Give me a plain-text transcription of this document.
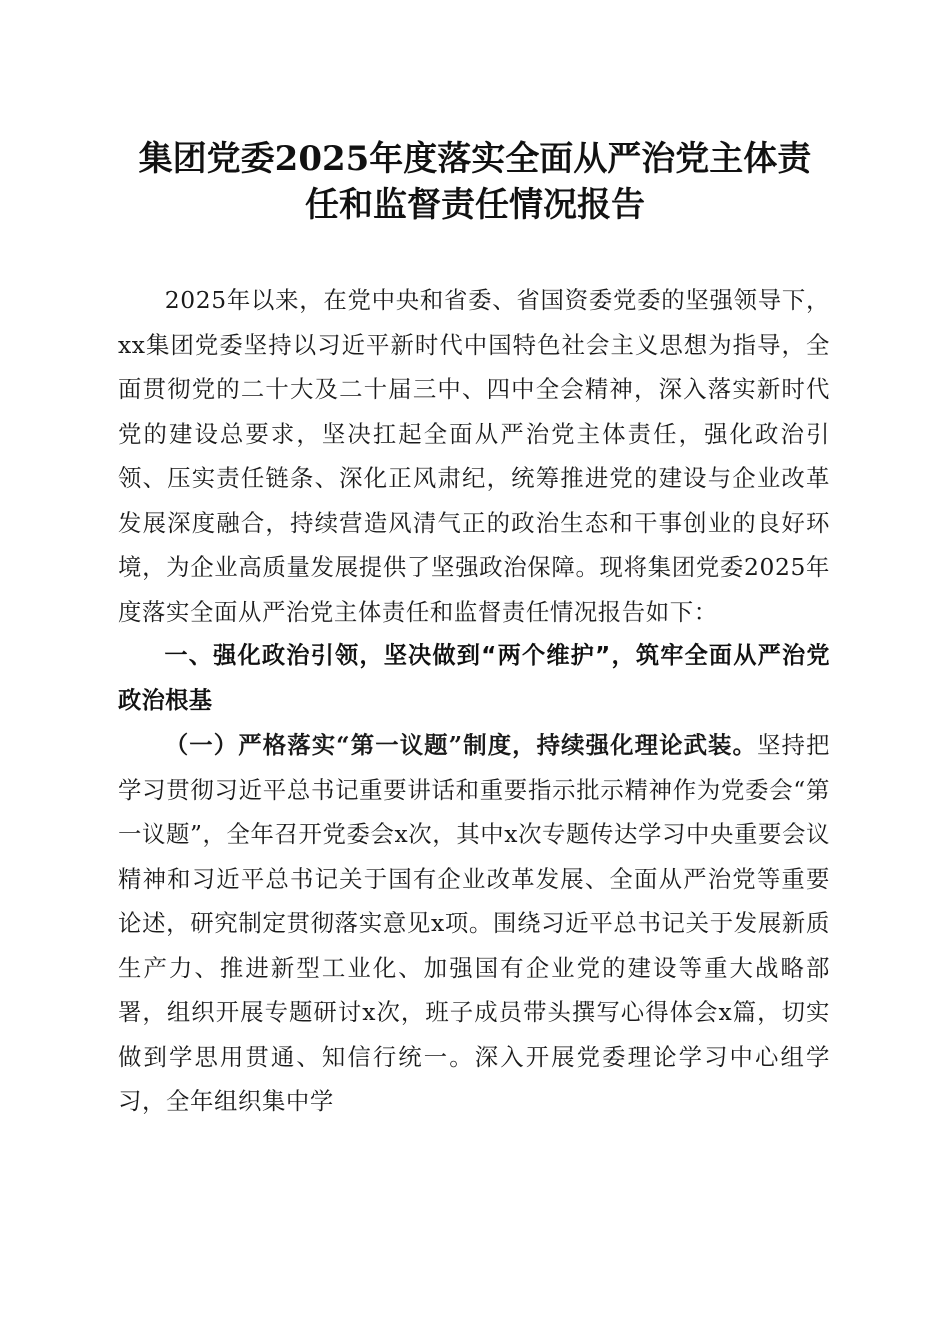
集团党委2025年度落实全面从严治党主体责
任和监督责任情况报告

2025年以来，在党中央和省委、省国资委党委的坚强领导下，xx集团党委坚持以习近平新时代中国特色社会主义思想为指导，全面贯彻党的二十大及二十届三中、四中全会精神，深入落实新时代党的建设总要求，坚决扛起全面从严治党主体责任，强化政治引领、压实责任链条、深化正风肃纪，统筹推进党的建设与企业改革发展深度融合，持续营造风清气正的政治生态和干事创业的良好环境，为企业高质量发展提供了坚强政治保障。现将集团党委2025年度落实全面从严治党主体责任和监督责任情况报告如下：

一、强化政治引领，坚决做到“两个维护”，筑牢全面从严治党政治根基

（一）严格落实“第一议题”制度，持续强化理论武装。坚持把学习贯彻习近平总书记重要讲话和重要指示批示精神作为党委会“第一议题”，全年召开党委会x次，其中x次专题传达学习中央重要会议精神和习近平总书记关于国有企业改革发展、全面从严治党等重要论述，研究制定贯彻落实意见x项。围绕习近平总书记关于发展新质生产力、推进新型工业化、加强国有企业党的建设等重大战略部署，组织开展专题研讨x次，班子成员带头撰写心得体会x篇，切实做到学思用贯通、知信行统一。深入开展党委理论学习中心组学习，全年组织集中学
